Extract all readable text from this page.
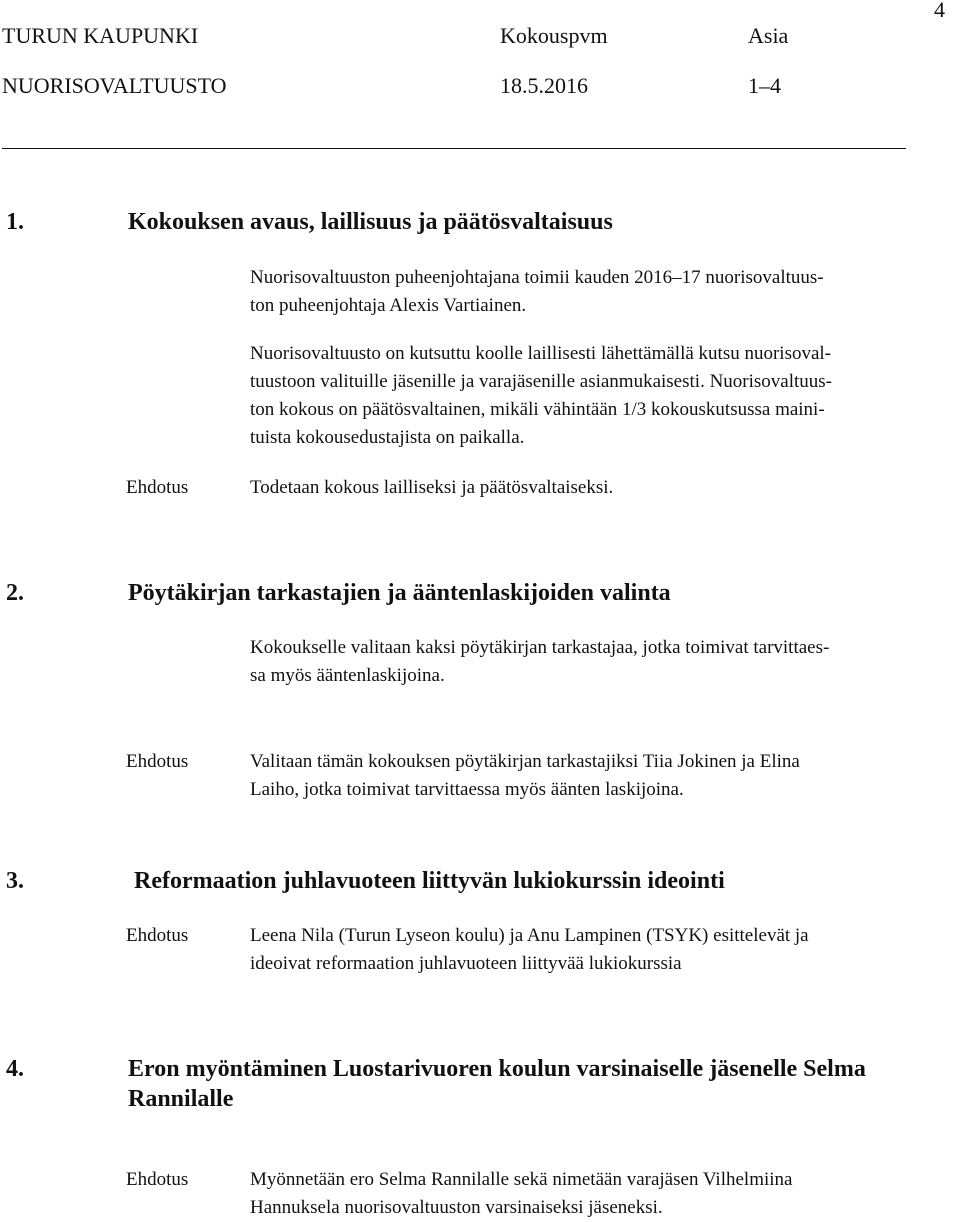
4
TURUN KAUPUNKI	Kokouspvm	Asia
NUORISOVALTUUSTO	18.5.2016	1–4
1.	Kokouksen avaus, laillisuus ja päätösvaltaisuus
Nuorisovaltuuston puheenjohtajana toimii kauden 2016–17 nuorisovaltuus-
ton puheenjohtaja Alexis Vartiainen.
Nuorisovaltuusto on kutsuttu koolle laillisesti lähettämällä kutsu nuorisoval-
tuustoon valituille jäsenille ja varajäsenille asianmukaisesti. Nuorisovaltuus-
ton kokous on päätösvaltainen, mikäli vähintään 1/3 kokouskutsussa maini-
tuista kokousedustajista on paikalla.
Ehdotus	Todetaan kokous lailliseksi ja päätösvaltaiseksi.
2.	Pöytäkirjan tarkastajien ja ääntenlaskijoiden valinta
Kokoukselle valitaan kaksi pöytäkirjan tarkastajaa, jotka toimivat tarvittaes-
sa myös ääntenlaskijoina.
Ehdotus	Valitaan tämän kokouksen pöytäkirjan tarkastajiksi Tiia Jokinen ja Elina
Laiho, jotka toimivat tarvittaessa myös äänten laskijoina.
3.	Reformaation juhlavuoteen liittyvän lukiokurssin ideointi
Ehdotus	Leena Nila (Turun Lyseon koulu) ja Anu Lampinen (TSYK) esittelevät ja
ideoivat reformaation juhlavuoteen liittyvää lukiokurssia
4.	Eron myöntäminen Luostarivuoren koulun varsinaiselle jäsenelle Selma
Rannilalle
Ehdotus	Myönnetään ero Selma Rannilalle sekä nimetään varajäsen Vilhelmiina
Hannuksela nuorisovaltuuston varsinaiseksi jäseneksi.
